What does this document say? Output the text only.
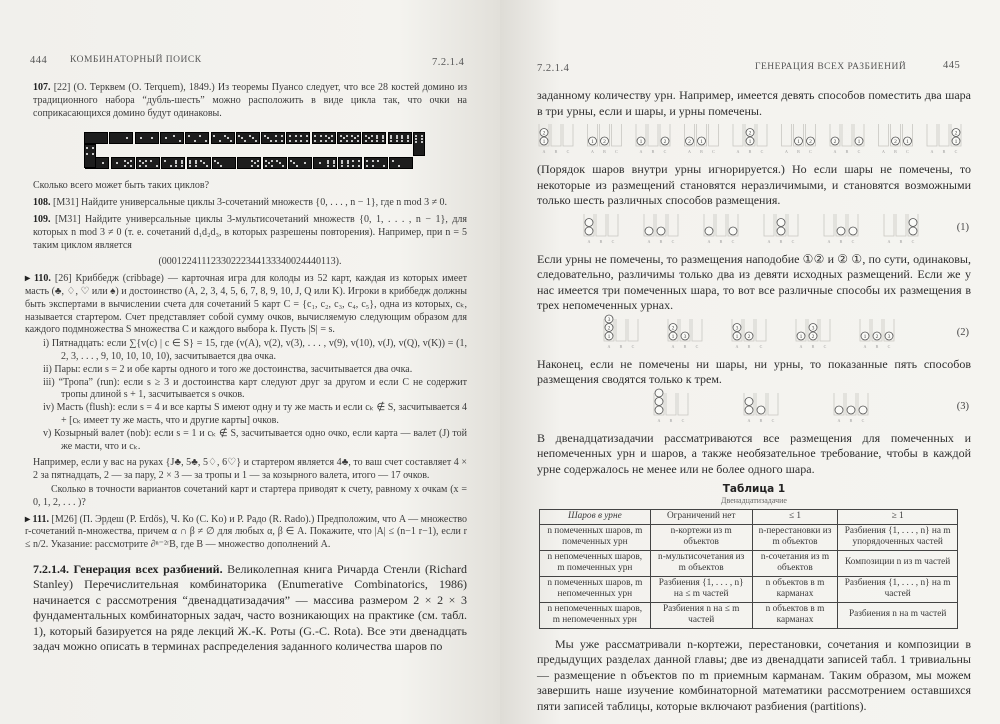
444 КОМБИНАТОРНЫЙ ПОИСК	7.2.1.4
107. [22] (О. Терквем (O. Terquem), 1849.) Из теоремы Пуансо следует, что все 28 костей домино из традиционного набора “дубль-шесть” можно расположить в виде цикла так, что очки на соприкасающихся домино будут одинаковы.
Сколько всего может быть таких циклов?
108. [M31] Найдите универсальные циклы 3-сочетаний множеств {0, . . . , n − 1}, где n mod 3 ≠ 0.
109. [M31] Найдите универсальные циклы 3-мультисочетаний множеств {0, 1, . . . , n − 1}, для которых n mod 3 ≠ 0 (т. е. сочетаний d₁d₂d₃, в которых разрешены повторения). Например, при n = 5 таким циклом является
(00012241112330222344133340024440113).
▸ 110. [26] Криббедж (cribbage) — карточная игра для колоды из 52 карт, каждая из которых имеет масть (♣, ♢, ♡ или ♠) и достоинство (A, 2, 3, 4, 5, 6, 7, 8, 9, 10, J, Q или K). Игроки в криббедж должны быть экспертами в вычислении счета для сочетаний 5 карт C = {c₁, c₂, c₃, c₄, c₅}, одна из которых, cₖ, называется стартером. Счет представляет собой сумму очков, вычисляемую следующим образом для каждого подмножества S множества C и каждого выбора k. Пусть |S| = s.
i) Пятнадцать: если ∑{v(c) | c ∈ S} = 15, где (v(A), v(2), v(3), . . . , v(9), v(10), v(J), v(Q), v(K)) = (1, 2, 3, . . . , 9, 10, 10, 10, 10), засчитывается два очка.
ii) Пары: если s = 2 и обе карты одного и того же достоинства, засчитывается два очка.
iii) “Тропа” (run): если s ≥ 3 и достоинства карт следуют друг за другом и если C не содержит тропы длиной s + 1, засчитывается s очков.
iv) Масть (flush): если s = 4 и все карты S имеют одну и ту же масть и если cₖ ∉ S, засчитывается 4 + [cₖ имеет ту же масть, что и другие карты] очков.
v) Козырный валет (nob): если s = 1 и cₖ ∉ S, засчитывается одно очко, если карта — валет (J) той же масти, что и cₖ.
Например, если у вас на руках {J♣, 5♣, 5♢, 6♡} и стартером является 4♣, то ваш счет составляет 4 × 2 за пятнадцать, 2 — за пару, 2 × 3 — за тропы и 1 — за козырного валета, итого — 17 очков.
Сколько в точности вариантов сочетаний карт и стартера приводят к счету, равному x очкам (x = 0, 1, 2, . . . )?
▸ 111. [M26] (П. Эрдеш (P. Erdős), Ч. Ко (C. Ko) и Р. Радо (R. Rado).) Предположим, что A — множество r-сочетаний n-множества, причем α ∩ β ≠ ∅ для любых α, β ∈ A. Покажите, что |A| ≤ (n−1 r−1), если r ≤ n/2. Указание: рассмотрите ∂ⁿ⁻²ʳB, где B — множество дополнений A.
7.2.1.4. Генерация всех разбиений. Великолепная книга Ричарда Стенли (Richard Stanley) Перечислительная комбинаторика (Enumerative Combinatorics, 1986) начинается с рассмотрения “двенадцатизадачия” — массива размером 2 × 2 × 3 фундаментальных комбинаторных задач, часто возникающих на практике (см. табл. 1), который базируется на ряде лекций Ж.-К. Роты (G.-C. Rota). Все эти двенадцать задач можно описать в терминах распределения заданного количества шаров по
7.2.1.4	ГЕНЕРАЦИЯ ВСЕХ РАЗБИЕНИЙ	445
заданному количеству урн. Например, имеется девять способов поместить два шара в три урны, если и шары, и урны помечены.
A
1
2
B C	A
1
B
2
C	A
1
B C
2
A
2
B
1
C	A B
1
2
C	A B
1
C
2
A
2
B C
1
A B
2
C
1
A B C
1
2
(Порядок шаров внутри урны игнорируется.) Но если шары не помечены, то некоторые из размещений становятся неразличимыми, и становятся возможными только шесть различных способов размещения.
A B C	A B C	A B C	A B C	A B C	A B C
(1)
Если урны не помечены, то размещения наподобие ①② и ② ①, по сути, одинаковы, следовательно, различимы только два из девяти исходных размещений. Если же у нас имеется три помеченных шара, то вот все различные способы их размещения в трех непомеченных урнах.
A
1
2
3
B C	A
1
2
B
3
C	A
1
3
B
2
C	A
1
B
2
3
C	A
1
B
2
C
3	(2)
Наконец, если не помечены ни шары, ни урны, то показанные пять способов размещения сводятся только к трем.
A B C	A B C	A B C
(3)
В двенадцатизадачии рассматриваются все размещения для помеченных и непомеченных урн и шаров, а также необязательное требование, чтобы в каждой урне содержалось не менее или не более одного шара.
Таблица 1
Двенадцатизадачие
Шаров в урне	Ограничений нет	≤ 1	≥ 1
n помеченных шаров, m помеченных урн	n-кортежи из m объектов	n-перестановки из m объектов	Разбиения {1, . . . , n} на m упорядоченных частей
n непомеченных шаров, m помеченных урн	n-мультисочетания из m объектов	n-сочетания из m объектов	Композиции n из m частей
n помеченных шаров, m непомеченных урн	Разбиения {1, . . . , n} на ≤ m частей	n объектов в m карманах	Разбиения {1, . . . , n} на m частей
n непомеченных шаров, m непомеченных урн	Разбиения n на ≤ m частей	n объектов в m карманах	Разбиения n на m частей
Мы уже рассматривали n-кортежи, перестановки, сочетания и композиции в предыдущих разделах данной главы; две из двенадцати записей табл. 1 тривиальны — размещение n объектов по m приемным карманам. Таким образом, мы можем завершить наше изучение комбинаторной математики рассмотрением оставшихся пяти записей таблицы, которые включают разбиения (partitions).
